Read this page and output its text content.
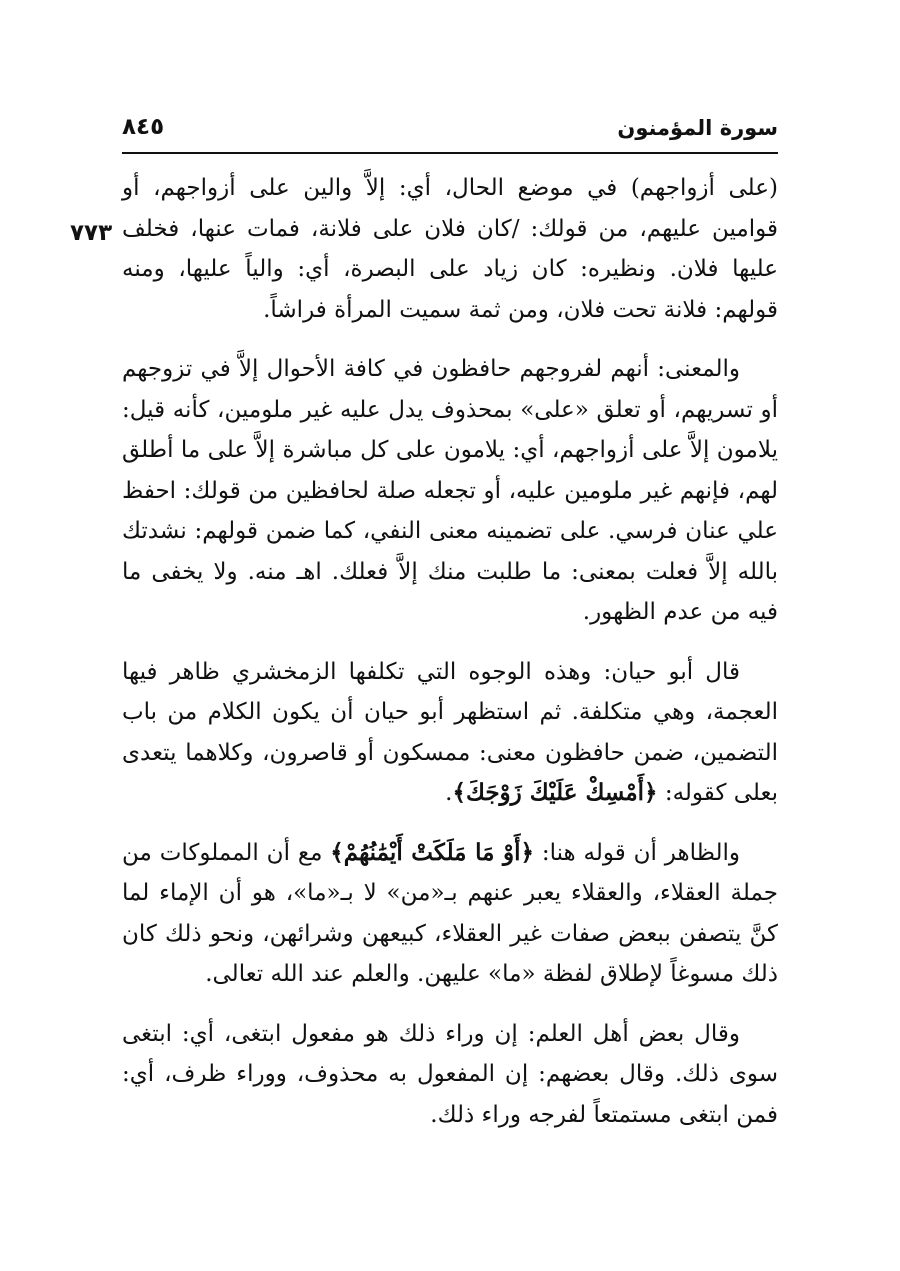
سورة المؤمنون
٨٤٥
٧٧٣

(على أزواجهم) في موضع الحال، أي: إلاَّ والين على أزواجهم، أو قوامين عليهم، من قولك: /كان فلان على فلانة، فمات عنها، فخلف عليها فلان. ونظيره: كان زياد على البصرة، أي: والياً عليها، ومنه قولهم: فلانة تحت فلان، ومن ثمة سميت المرأة فراشاً.

والمعنى: أنهم لفروجهم حافظون في كافة الأحوال إلاَّ في تزوجهم أو تسريهم، أو تعلق «على» بمحذوف يدل عليه غير ملومين، كأنه قيل: يلامون إلاَّ على أزواجهم، أي: يلامون على كل مباشرة إلاَّ على ما أطلق لهم، فإنهم غير ملومين عليه، أو تجعله صلة لحافظين من قولك: احفظ علي عنان فرسي. على تضمينه معنى النفي، كما ضمن قولهم: نشدتك بالله إلاَّ فعلت بمعنى: ما طلبت منك إلاَّ فعلك. اهـ منه. ولا يخفى ما فيه من عدم الظهور.

قال أبو حيان: وهذه الوجوه التي تكلفها الزمخشري ظاهر فيها العجمة، وهي متكلفة. ثم استظهر أبو حيان أن يكون الكلام من باب التضمين، ضمن حافظون معنى: ممسكون أو قاصرون، وكلاهما يتعدى بعلى كقوله: ﴿أَمْسِكْ عَلَيْكَ زَوْجَكَ﴾.

والظاهر أن قوله هنا: ﴿أَوْ مَا مَلَكَتْ أَيْمَٰنُهُمْ﴾ مع أن المملوكات من جملة العقلاء، والعقلاء يعبر عنهم بـ«من» لا بـ«ما»، هو أن الإماء لما كنَّ يتصفن ببعض صفات غير العقلاء، كبيعهن وشرائهن، ونحو ذلك كان ذلك مسوغاً لإطلاق لفظة «ما» عليهن. والعلم عند الله تعالى.

وقال بعض أهل العلم: إن وراء ذلك هو مفعول ابتغى، أي: ابتغى سوى ذلك. وقال بعضهم: إن المفعول به محذوف، ووراء ظرف، أي: فمن ابتغى مستمتعاً لفرجه وراء ذلك.
